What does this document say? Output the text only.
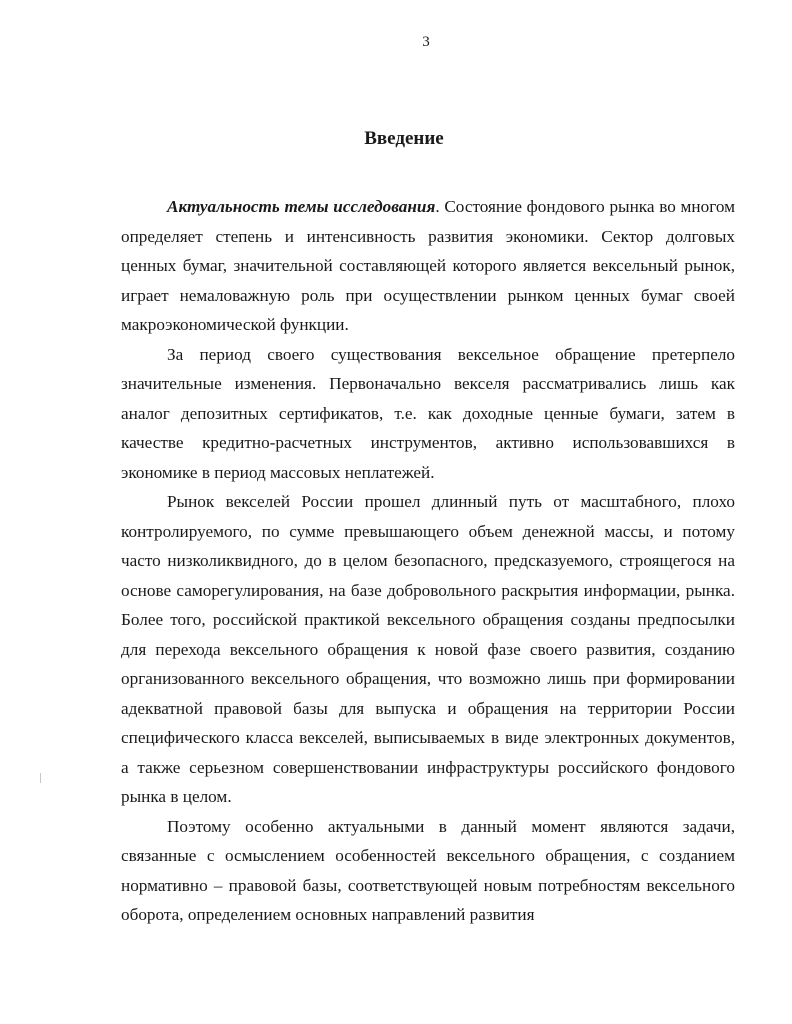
3
Введение

Актуальность темы исследования. Состояние фондового рынка во многом определяет степень и интенсивность развития экономики. Сектор долговых ценных бумаг, значительной составляющей которого является вексельный рынок, играет немаловажную роль при осуществлении рынком ценных бумаг своей макроэкономической функции.

За период своего существования вексельное обращение претерпело значительные изменения. Первоначально векселя рассматривались лишь как аналог депозитных сертификатов, т.е. как доходные ценные бумаги, затем в качестве кредитно-расчетных инструментов, активно использовавшихся в экономике в период массовых неплатежей.

Рынок векселей России прошел длинный путь от масштабного, плохо контролируемого, по сумме превышающего объем денежной массы, и потому часто низколиквидного, до в целом безопасного, предсказуемого, строящегося на основе саморегулирования, на базе добровольного раскрытия информации, рынка. Более того, российской практикой вексельного обращения созданы предпосылки для перехода вексельного обращения к новой фазе своего развития, созданию организованного вексельного обращения, что возможно лишь при формировании адекватной правовой базы для выпуска и обращения на территории России специфического класса векселей, выписываемых в виде электронных документов, а также серьезном совершенствовании инфраструктуры российского фондового рынка в целом.

Поэтому особенно актуальными в данный момент являются задачи, связанные с осмыслением особенностей вексельного обращения, с созданием нормативно – правовой базы, соответствующей новым потребностям вексельного оборота, определением основных направлений развития
